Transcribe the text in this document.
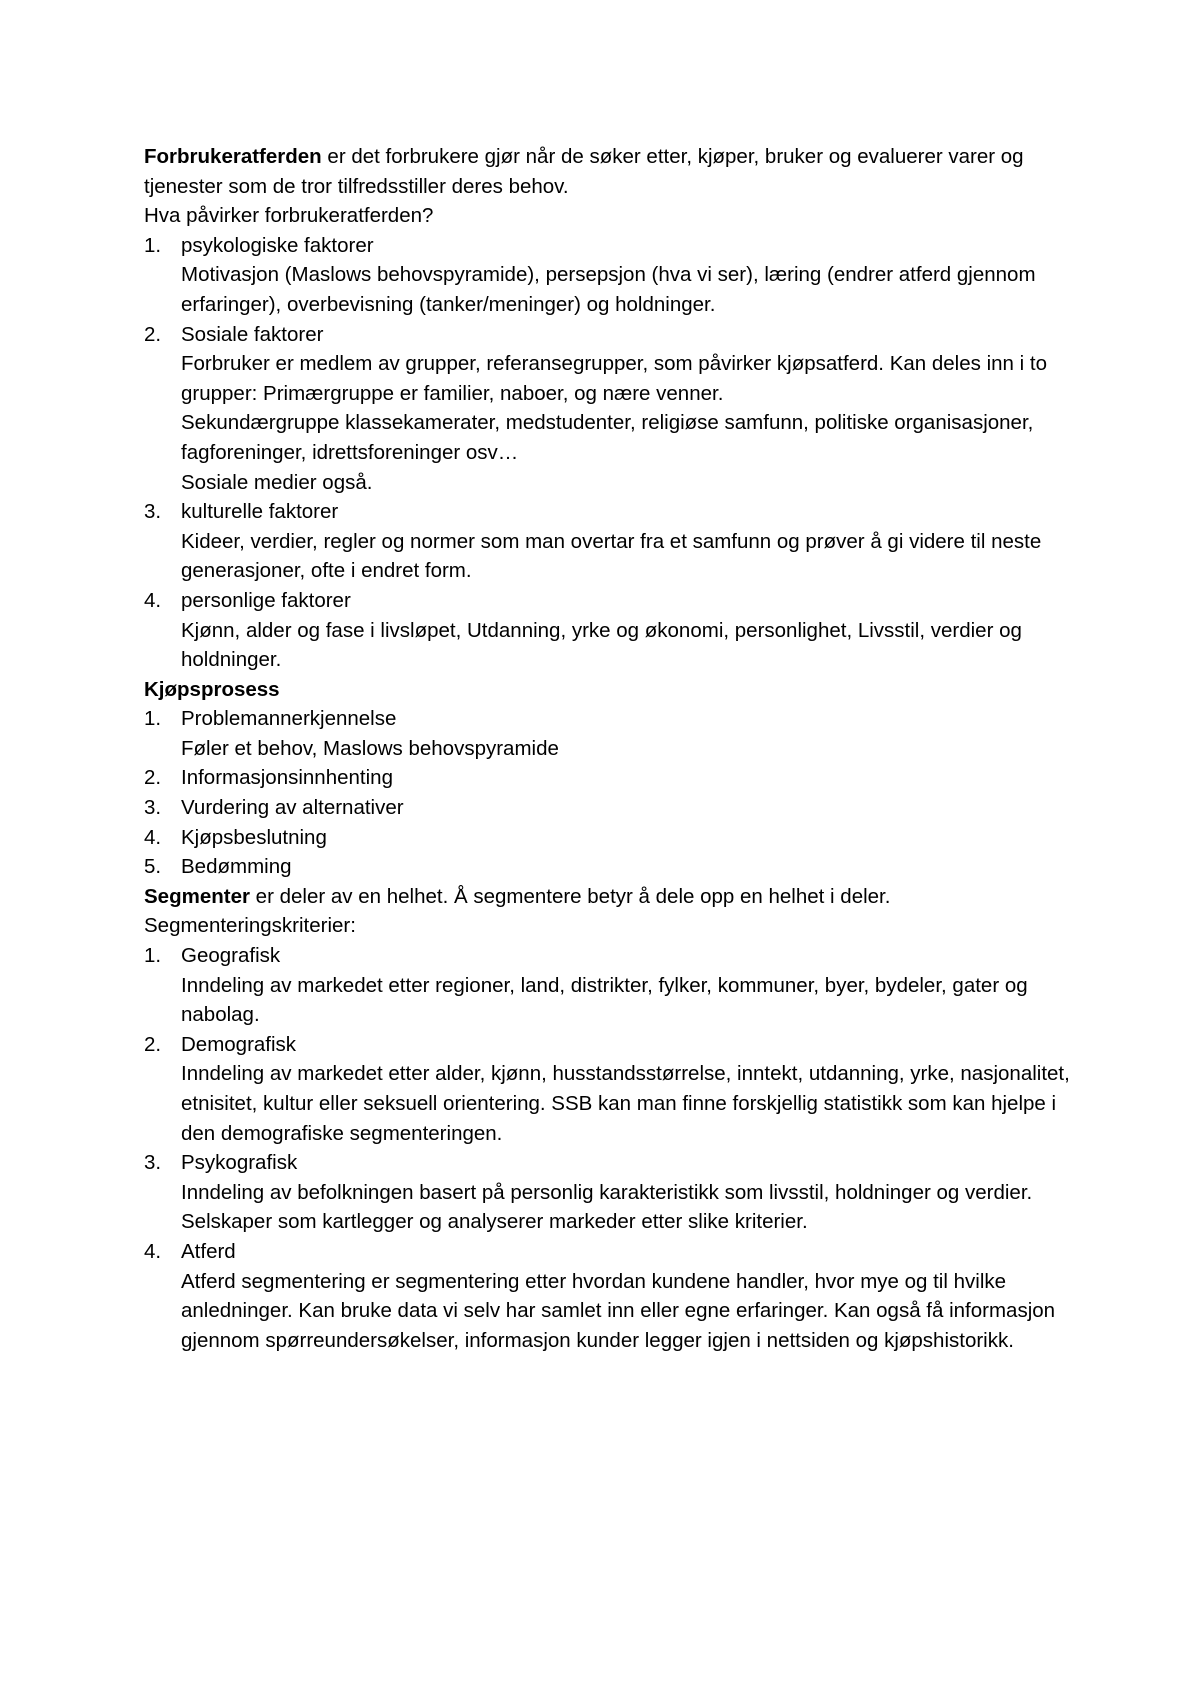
Forbrukeratferden er det forbrukere gjør når de søker etter, kjøper, bruker og evaluerer varer og tjenester som de tror tilfredsstiller deres behov.

Hva påvirker forbrukeratferden?

1. psykologiske faktorer

Motivasjon (Maslows behovspyramide), persepsjon (hva vi ser), læring (endrer atferd gjennom erfaringer), overbevisning (tanker/meninger) og holdninger.

2. Sosiale faktorer

Forbruker er medlem av grupper, referansegrupper, som påvirker kjøpsatferd. Kan deles inn i to grupper: Primærgruppe er familier, naboer, og nære venner.

Sekundærgruppe klassekamerater, medstudenter, religiøse samfunn, politiske organisasjoner, fagforeninger, idrettsforeninger osv…

Sosiale medier også.

3. kulturelle faktorer

Kideer, verdier, regler og normer som man overtar fra et samfunn og prøver å gi videre til neste generasjoner, ofte i endret form.

4. personlige faktorer

Kjønn, alder og fase i livsløpet, Utdanning, yrke og økonomi, personlighet, Livsstil, verdier og holdninger.

Kjøpsprosess

1. Problemannerkjennelse

Føler et behov, Maslows behovspyramide

2. Informasjonsinnhenting

3. Vurdering av alternativer

4. Kjøpsbeslutning

5. Bedømming

Segmenter er deler av en helhet. Å segmentere betyr å dele opp en helhet i deler.

Segmenteringskriterier:

1. Geografisk

Inndeling av markedet etter regioner, land, distrikter, fylker, kommuner, byer, bydeler, gater og nabolag.

2. Demografisk

Inndeling av markedet etter alder, kjønn, husstandsstørrelse, inntekt, utdanning, yrke, nasjonalitet, etnisitet, kultur eller seksuell orientering. SSB kan man finne forskjellig statistikk som kan hjelpe i den demografiske segmenteringen.

3. Psykografisk

Inndeling av befolkningen basert på personlig karakteristikk som livsstil, holdninger og verdier. Selskaper som kartlegger og analyserer markeder etter slike kriterier.

4. Atferd

Atferd segmentering er segmentering etter hvordan kundene handler, hvor mye og til hvilke anledninger. Kan bruke data vi selv har samlet inn eller egne erfaringer. Kan også få informasjon gjennom spørreundersøkelser, informasjon kunder legger igjen i nettsiden og kjøpshistorikk.
